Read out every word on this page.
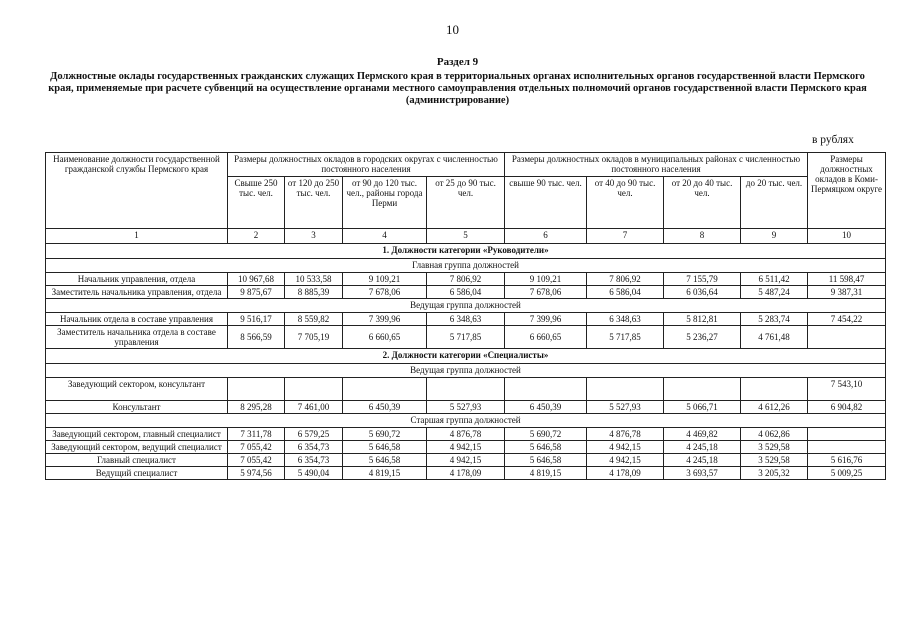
10
Раздел 9
Должностные оклады государственных гражданских служащих Пермского края в территориальных органах исполнительных органов государственной власти Пермского края, применяемые при расчете субвенций на осуществление органами местного самоуправления отдельных полномочий органов государственной власти Пермского края (администрирование)
в рублях
Наименование должности государственной гражданской службы Пермского края	Размеры должностных окладов в городских округах с численностью постоянного населения				Размеры должностных окладов в муниципальных районах с численностью постоянного населения				Размеры должностных окладов в Коми-Пермяцком округе
	Свыше 250 тыс. чел.	от 120 до 250 тыс. чел.	от 90 до 120 тыс. чел., районы города Перми	от 25 до 90 тыс. чел.	свыше 90 тыс. чел.	от 40 до 90 тыс. чел.	от 20 до 40 тыс. чел.	до 20 тыс. чел.	
1	2	3	4	5	6	7	8	9	10
1. Должности категории «Руководители»									
Главная группа должностей									
Начальник управления, отдела	10 967,68	10 533,58	9 109,21	7 806,92	9 109,21	7 806,92	7 155,79	6 511,42	11 598,47
Заместитель начальника управления, отдела	9 875,67	8 885,39	7 678,06	6 586,04	7 678,06	6 586,04	6 036,64	5 487,24	9 387,31
Ведущая группа должностей									
Начальник отдела в составе управления	9 516,17	8 559,82	7 399,96	6 348,63	7 399,96	6 348,63	5 812,81	5 283,74	7 454,22
Заместитель начальника отдела в составе управления	8 566,59	7 705,19	6 660,65	5 717,85	6 660,65	5 717,85	5 236,27	4 761,48	
2. Должности категории «Специалисты»									
Ведущая группа должностей									
Заведующий сектором, консультант									7 543,10
Консультант	8 295,28	7 461,00	6 450,39	5 527,93	6 450,39	5 527,93	5 066,71	4 612,26	6 904,82
Старшая группа должностей									
Заведующий сектором, главный специалист	7 311,78	6 579,25	5 690,72	4 876,78	5 690,72	4 876,78	4 469,82	4 062,86	
Заведующий сектором, ведущий специалист	7 055,42	6 354,73	5 646,58	4 942,15	5 646,58	4 942,15	4 245,18	3 529,58	
Главный специалист	7 055,42	6 354,73	5 646,58	4 942,15	5 646,58	4 942,15	4 245,18	3 529,58	5 616,76
Ведущий специалист	5 974,56	5 490,04	4 819,15	4 178,09	4 819,15	4 178,09	3 693,57	3 205,32	5 009,25
